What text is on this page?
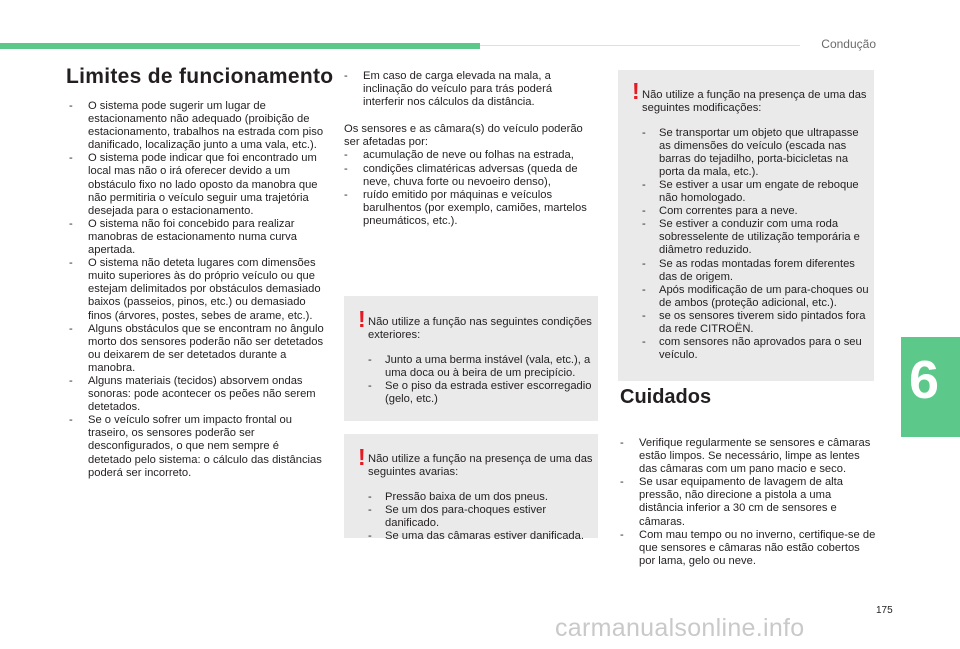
Condução
6
Limites de funcionamento
- O sistema pode sugerir um lugar de estacionamento não adequado (proibição de estacionamento, trabalhos na estrada com piso danificado, localização junto a uma vala, etc.).
- O sistema pode indicar que foi encontrado um local mas não o irá oferecer devido a um obstáculo fixo no lado oposto da manobra que não permitiria o veículo seguir uma trajetória desejada para o estacionamento.
- O sistema não foi concebido para realizar manobras de estacionamento numa curva apertada.
- O sistema não deteta lugares com dimensões muito superiores às do próprio veículo ou que estejam delimitados por obstáculos demasiado baixos (passeios, pinos, etc.) ou demasiado finos (árvores, postes, sebes de arame, etc.).
- Alguns obstáculos que se encontram no ângulo morto dos sensores poderão não ser detetados ou deixarem de ser detetados durante a manobra.
- Alguns materiais (tecidos) absorvem ondas sonoras: pode acontecer os peões não serem detetados.
- Se o veículo sofrer um impacto frontal ou traseiro, os sensores poderão ser desconfigurados, o que nem sempre é detetado pelo sistema: o cálculo das distâncias poderá ser incorreto.
- Em caso de carga elevada na mala, a inclinação do veículo para trás poderá interferir nos cálculos da distância.

Os sensores e as câmara(s) do veículo poderão ser afetadas por:

- acumulação de neve ou folhas na estrada,
- condições climatéricas adversas (queda de neve, chuva forte ou nevoeiro denso),
- ruído emitido por máquinas e veículos barulhentos (por exemplo, camiões, martelos pneumáticos, etc.).
! Não utilize a função nas seguintes condições exteriores:

- Junto a uma berma instável (vala, etc.), a uma doca ou à beira de um precipício.
- Se o piso da estrada estiver escorregadio (gelo, etc.)
! Não utilize a função na presença de uma das seguintes avarias:

- Pressão baixa de um dos pneus.
- Se um dos para-choques estiver danificado.
- Se uma das câmaras estiver danificada.
! Não utilize a função na presença de uma das seguintes modificações:

- Se transportar um objeto que ultrapasse as dimensões do veículo (escada nas barras do tejadilho, porta-bicicletas na porta da mala, etc.).
- Se estiver a usar um engate de reboque não homologado.
- Com correntes para a neve.
- Se estiver a conduzir com uma roda sobresselente de utilização temporária e diâmetro reduzido.
- Se as rodas montadas forem diferentes das de origem.
- Após modificação de um para-choques ou de ambos (proteção adicional, etc.).
- se os sensores tiverem sido pintados fora da rede CITROËN.
- com sensores não aprovados para o seu veículo.
Cuidados
- Verifique regularmente se sensores e câmaras estão limpos. Se necessário, limpe as lentes das câmaras com um pano macio e seco.
- Se usar equipamento de lavagem de alta pressão, não direcione a pistola a uma distância inferior a 30 cm de sensores e câmaras.
- Com mau tempo ou no inverno, certifique-se de que sensores e câmaras não estão cobertos por lama, gelo ou neve.
175
carmanualsonline.info
